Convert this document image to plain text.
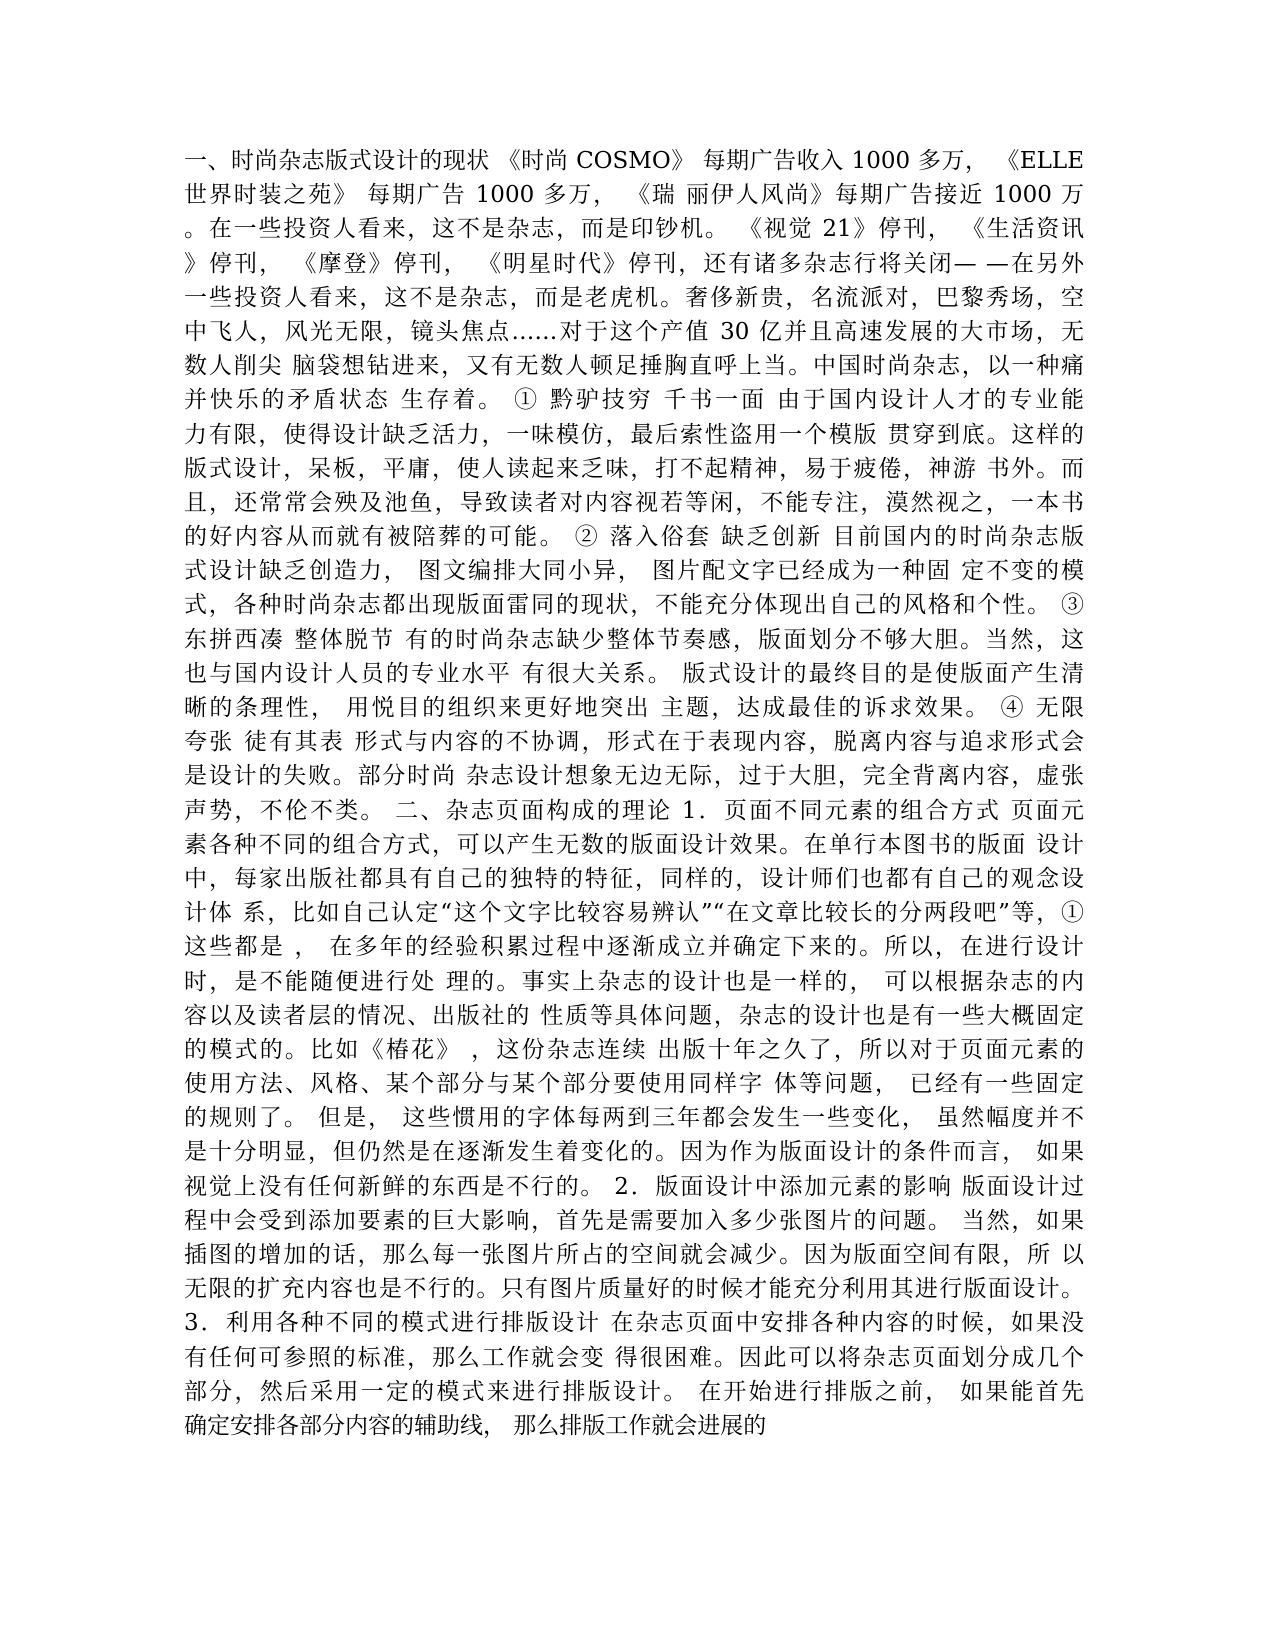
一、时尚杂志版式设计的现状 《时尚 COSMO》 每期广告收入 1000 多万， 《ELLE
世界时装之苑》 每期广告 1000 多万， 《瑞 丽伊人风尚》每期广告接近 1000 万
。在一些投资人看来，这不是杂志，而是印钞机。 《视觉 21》停刊， 《生活资讯
》停刊， 《摩登》停刊， 《明星时代》停刊，还有诸多杂志行将关闭— —在另外
一些投资人看来，这不是杂志，而是老虎机。奢侈新贵，名流派对，巴黎秀场，空
中飞人，风光无限，镜头焦点……对于这个产值 30 亿并且高速发展的大市场，无
数人削尖 脑袋想钻进来，又有无数人顿足捶胸直呼上当。中国时尚杂志，以一种痛
并快乐的矛盾状态 生存着。 ① 黔驴技穷 千书一面 由于国内设计人才的专业能
力有限，使得设计缺乏活力，一味模仿，最后索性盗用一个模版 贯穿到底。这样的
版式设计，呆板，平庸，使人读起来乏味，打不起精神，易于疲倦，神游 书外。而
且，还常常会殃及池鱼，导致读者对内容视若等闲，不能专注，漠然视之，一本书
的好内容从而就有被陪葬的可能。 ② 落入俗套 缺乏创新 目前国内的时尚杂志版
式设计缺乏创造力， 图文编排大同小异， 图片配文字已经成为一种固 定不变的模
式，各种时尚杂志都出现版面雷同的现状，不能充分体现出自己的风格和个性。 ③
东拼西凑 整体脱节 有的时尚杂志缺少整体节奏感，版面划分不够大胆。当然，这
也与国内设计人员的专业水平 有很大关系。 版式设计的最终目的是使版面产生清
晰的条理性， 用悦目的组织来更好地突出 主题，达成最佳的诉求效果。 ④ 无限
夸张 徒有其表 形式与内容的不协调，形式在于表现内容，脱离内容与追求形式会
是设计的失败。部分时尚 杂志设计想象无边无际，过于大胆，完全背离内容，虚张
声势，不伦不类。 二、杂志页面构成的理论 1．页面不同元素的组合方式 页面元
素各种不同的组合方式，可以产生无数的版面设计效果。在单行本图书的版面 设计
中，每家出版社都具有自己的独特的特征，同样的，设计师们也都有自己的观念设
计体 系，比如自己认定“这个文字比较容易辨认”“在文章比较长的分两段吧”等，①
这些都是 ， 在多年的经验积累过程中逐渐成立并确定下来的。所以，在进行设计
时，是不能随便进行处 理的。事实上杂志的设计也是一样的， 可以根据杂志的内
容以及读者层的情况、出版社的 性质等具体问题，杂志的设计也是有一些大概固定
的模式的。比如《椿花》 ，这份杂志连续 出版十年之久了，所以对于页面元素的
使用方法、风格、某个部分与某个部分要使用同样字 体等问题， 已经有一些固定
的规则了。 但是， 这些惯用的字体每两到三年都会发生一些变化， 虽然幅度并不
是十分明显，但仍然是在逐渐发生着变化的。因为作为版面设计的条件而言， 如果
视觉上没有任何新鲜的东西是不行的。 2．版面设计中添加元素的影响 版面设计过
程中会受到添加要素的巨大影响，首先是需要加入多少张图片的问题。 当然，如果
插图的增加的话，那么每一张图片所占的空间就会减少。因为版面空间有限，所 以
无限的扩充内容也是不行的。只有图片质量好的时候才能充分利用其进行版面设计。
3．利用各种不同的模式进行排版设计 在杂志页面中安排各种内容的时候，如果没
有任何可参照的标准，那么工作就会变 得很困难。因此可以将杂志页面划分成几个
部分，然后采用一定的模式来进行排版设计。 在开始进行排版之前， 如果能首先
确定安排各部分内容的辅助线， 那么排版工作就会进展的
